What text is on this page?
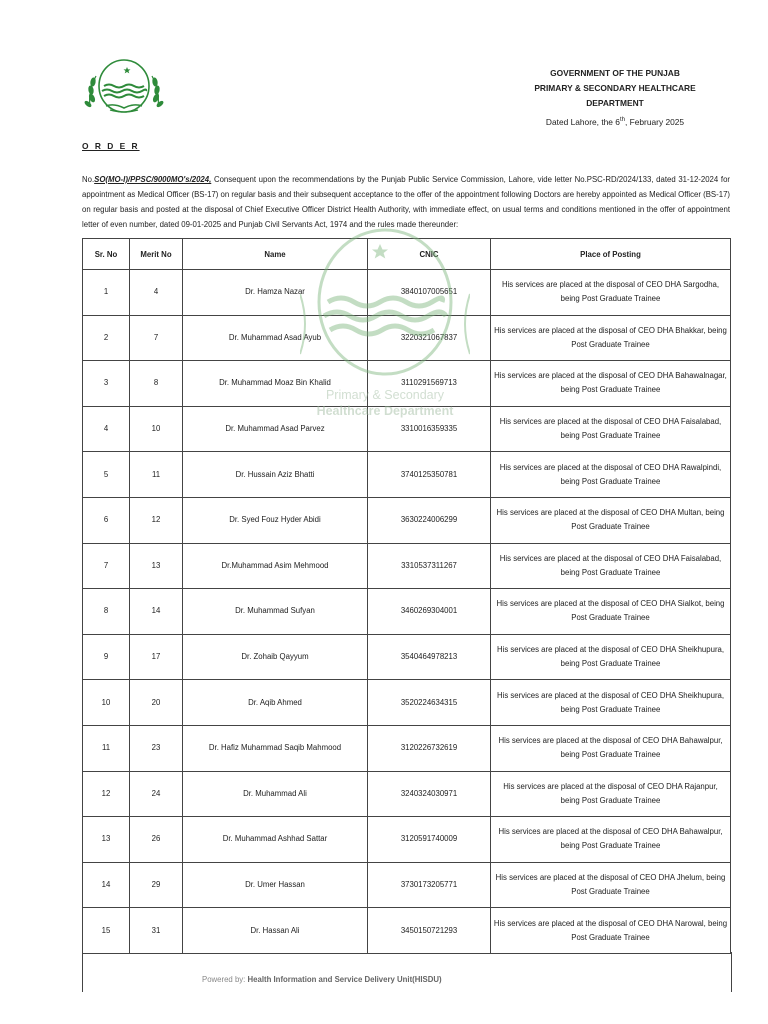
GOVERNMENT OF THE PUNJAB
PRIMARY & SECONDARY HEALTHCARE
DEPARTMENT
Dated Lahore, the 6th, February 2025
O R D E R
No.SO(MO-I)/PPSC/9000MO's/2024, Consequent upon the recommendations by the Punjab Public Service Commission, Lahore, vide letter No.PSC-RD/2024/133, dated 31-12-2024 for appointment as Medical Officer (BS-17) on regular basis and their subsequent acceptance to the offer of the appointment following Doctors are hereby appointed as Medical Officer (BS-17) on regular basis and posted at the disposal of Chief Executive Officer District Health Authority, with immediate effect, on usual terms and conditions mentioned in the offer of appointment letter of even number, dated 09-01-2025 and Punjab Civil Servants Act, 1974 and the rules made thereunder:
Sr. No	Merit No	Name	CNIC	Place of Posting
1	4	Dr. Hamza Nazar	3840107005651	His services are placed at the disposal of CEO DHA Sargodha, being Post Graduate Trainee
2	7	Dr. Muhammad Asad Ayub	3220321067837	His services are placed at the disposal of CEO DHA Bhakkar, being Post Graduate Trainee
3	8	Dr. Muhammad Moaz Bin Khalid	3110291569713	His services are placed at the disposal of CEO DHA Bahawalnagar, being Post Graduate Trainee
4	10	Dr. Muhammad Asad Parvez	3310016359335	His services are placed at the disposal of CEO DHA Faisalabad, being Post Graduate Trainee
5	11	Dr. Hussain Aziz Bhatti	3740125350781	His services are placed at the disposal of CEO DHA Rawalpindi, being Post Graduate Trainee
6	12	Dr. Syed Fouz Hyder Abidi	3630224006299	His services are placed at the disposal of CEO DHA Multan, being Post Graduate Trainee
7	13	Dr.Muhammad Asim Mehmood	3310537311267	His services are placed at the disposal of CEO DHA Faisalabad, being Post Graduate Trainee
8	14	Dr. Muhammad Sufyan	3460269304001	His services are placed at the disposal of CEO DHA Sialkot, being Post Graduate Trainee
9	17	Dr. Zohaib Qayyum	3540464978213	His services are placed at the disposal of CEO DHA Sheikhupura, being Post Graduate Trainee
10	20	Dr. Aqib Ahmed	3520224634315	His services are placed at the disposal of CEO DHA Sheikhupura, being Post Graduate Trainee
11	23	Dr. Hafiz Muhammad Saqib Mahmood	3120226732619	His services are placed at the disposal of CEO DHA Bahawalpur, being Post Graduate Trainee
12	24	Dr. Muhammad Ali	3240324030971	His services are placed at the disposal of CEO DHA Rajanpur, being Post Graduate Trainee
13	26	Dr. Muhammad Ashhad Sattar	3120591740009	His services are placed at the disposal of CEO DHA Bahawalpur, being Post Graduate Trainee
14	29	Dr. Umer Hassan	3730173205771	His services are placed at the disposal of CEO DHA Jhelum, being Post Graduate Trainee
15	31	Dr. Hassan Ali	3450150721293	His services are placed at the disposal of CEO DHA Narowal, being Post Graduate Trainee
Primary & Secondary
Healthcare Department
Powered by: Health Information and Service Delivery Unit(HISDU)
